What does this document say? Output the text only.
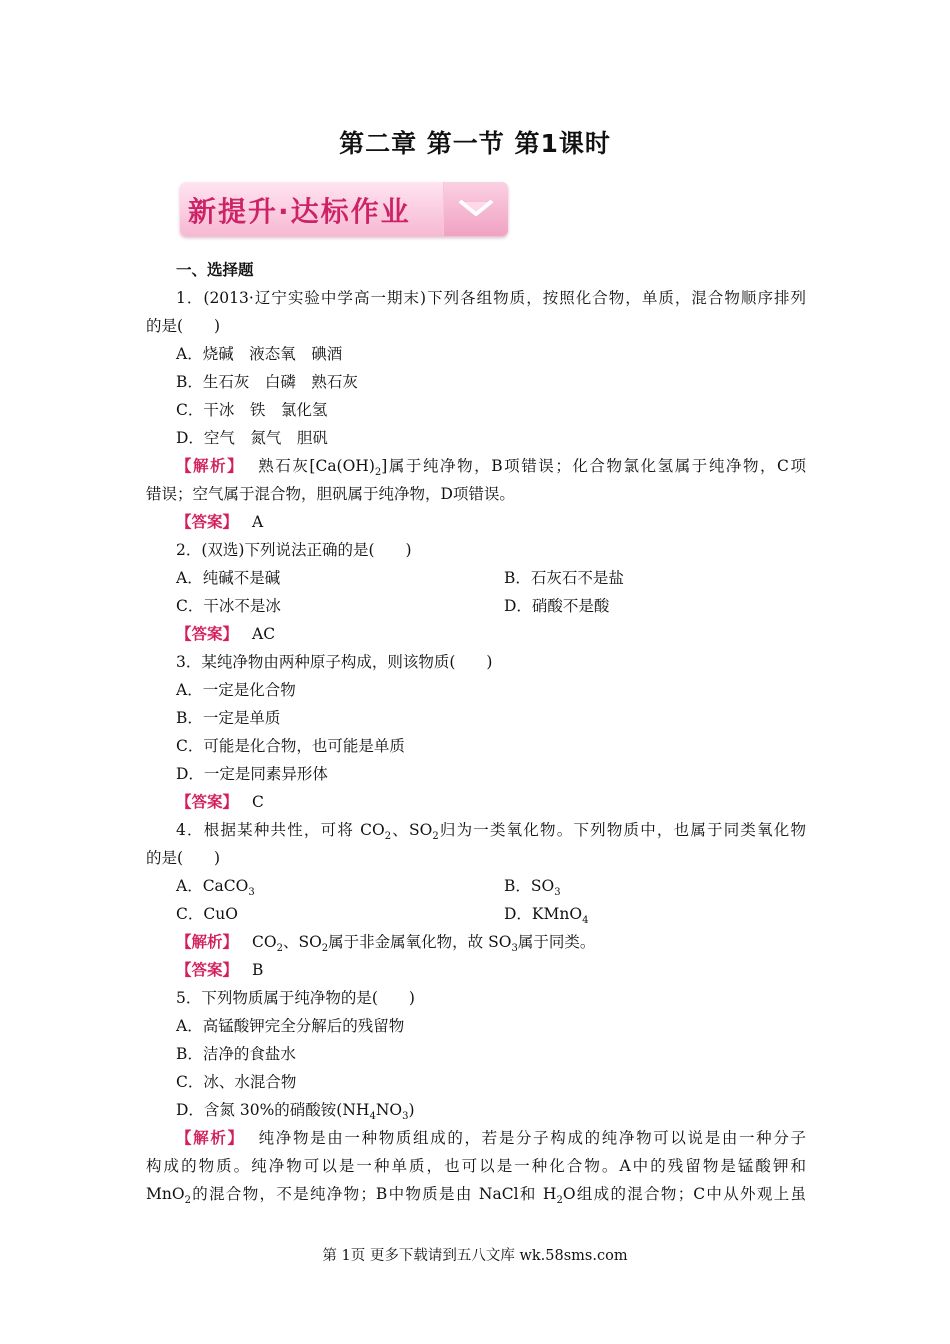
第二章 第一节 第1课时
新提升·达标作业
一、选择题
1．(2013·辽宁实验中学高一期末)下列各组物质，按照化合物，单质，混合物顺序排列
的是(　　)
A．烧碱　液态氧　碘酒
B．生石灰　白磷　熟石灰
C．干冰　铁　氯化氢
D．空气　氮气　胆矾
【解析】 熟石灰$[Ca(OH)_2]$属于纯净物，B项错误；化合物氯化氢属于纯净物，C项
错误；空气属于混合物，胆矾属于纯净物，D项错误。
【答案】 A
2．(双选)下列说法正确的是(　　)
A．纯碱不是碱	B．石灰石不是盐
C．干冰不是冰	D．硝酸不是酸
【答案】 AC
3．某纯净物由两种原子构成，则该物质(　　)
A．一定是化合物
B．一定是单质
C．可能是化合物，也可能是单质
D．一定是同素异形体
【答案】 C
4．根据某种共性，可将 $CO_2$、$SO_2$归为一类氧化物。下列物质中，也属于同类氧化物
的是(　　)
A．CaCO$_3$	B．$SO_3$
C．CuO	D．KMnO$_4$
【解析】 $CO_2$、$SO_2$属于非金属氧化物，故 $SO_3$属于同类。
【答案】 B
5．下列物质属于纯净物的是(　　)
A．高锰酸钾完全分解后的残留物
B．洁净的食盐水
C．冰、水混合物
D．含氮 30%的硝酸铵$(NH_4NO_3)$
【解析】 纯净物是由一种物质组成的，若是分子构成的纯净物可以说是由一种分子
构成的物质。纯净物可以是一种单质，也可以是一种化合物。A中的残留物是锰酸钾和
MnO$_2$的混合物，不是纯净物；B中物质是由 NaCl和 $H_2O$组成的混合物；C中从外观上虽
第 1页 更多下载请到五八文库 wk.58sms.com
